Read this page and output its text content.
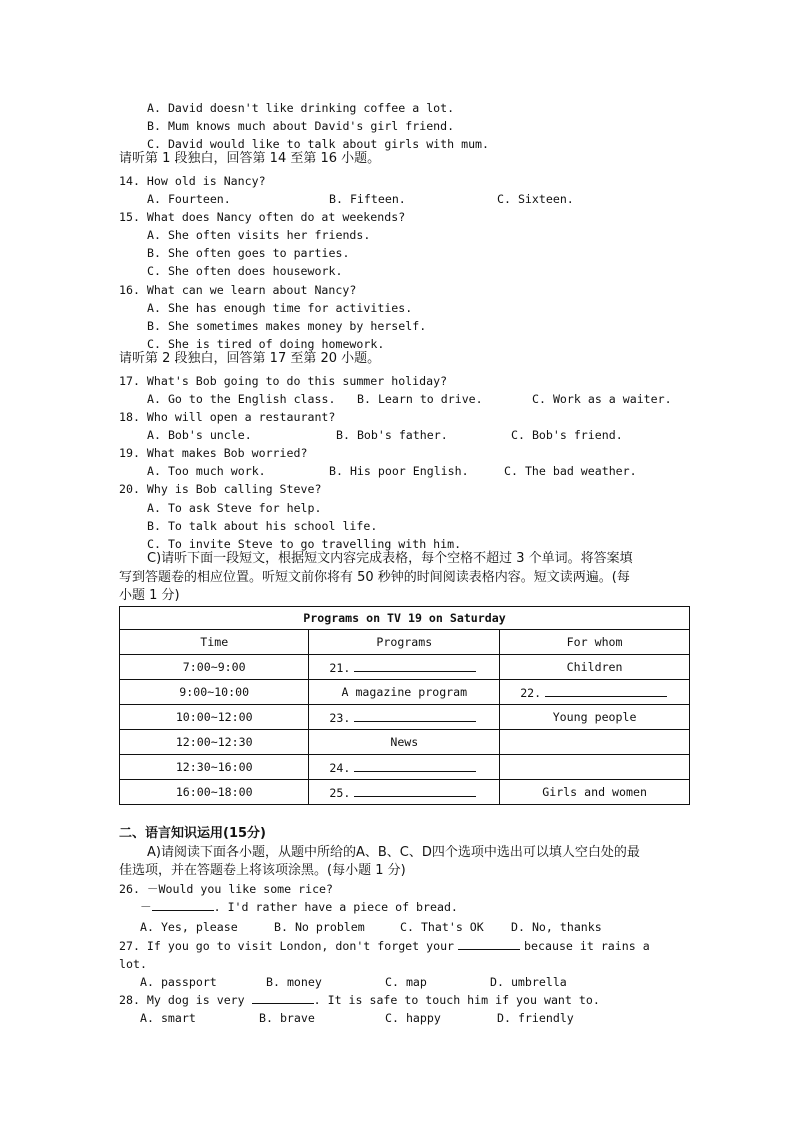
A. David doesn't like drinking coffee a lot.
B. Mum knows much about David's girl friend.
C. David would like to talk about girls with mum.
请听第 1 段独白，回答第 14 至第 16 小题。
14. How old is Nancy?
A. Fourteen.	B. Fifteen.	C. Sixteen.
15. What does Nancy often do at weekends?
A. She often visits her friends.
B. She often goes to parties.
C. She often does housework.
16. What can we learn about Nancy?
A. She has enough time for activities.
B. She sometimes makes money by herself.
C. She is tired of doing homework.
请听第 2 段独白，回答第 17 至第 20 小题。
17. What's Bob going to do this summer holiday?
A. Go to the English class. B. Learn to drive.	C. Work as a waiter.
18. Who will open a restaurant?
A. Bob's uncle.	B. Bob's father.	C. Bob's friend.
19. What makes Bob worried?
A. Too much work.	B. His poor English.	C. The bad weather.
20. Why is Bob calling Steve?
A. To ask Steve for help.
B. To talk about his school life.
C. To invite Steve to go travelling with him.
C)请听下面一段短文，根据短文内容完成表格，每个空格不超过 3 个单词。将答案填
写到答题卷的相应位置。听短文前你将有 50 秒钟的时间阅读表格内容。短文读两遍。(每
小题 1 分)
Programs on TV 19 on Saturday		
Time	Programs	For whom
7:00~9:00	21.	Children
9:00~10:00	A magazine program	22.
10:00~12:00	23.	Young people
12:00~12:30	News	
12:30~16:00	24.	
16:00~18:00	25.	Girls and women
二、语言知识运用(15分)
A)请阅读下面各小题，从题中所给的A、B、C、D四个选项中选出可以填人空白处的最
佳选项，并在答题卷上将该项涂黑。(每小题 1 分)
26. －Would you like some rice?
－	. I'd rather have a piece of bread.
A. Yes, please	B. No problem	C. That's OK D. No, thanks
27. If you go to visit London, don't forget your	because it rains a
lot.
A. passport	B. money	C. map	D. umbrella
28. My dog is very	. It is safe to touch him if you want to.
A. smart	B. brave	C. happy	D. friendly
